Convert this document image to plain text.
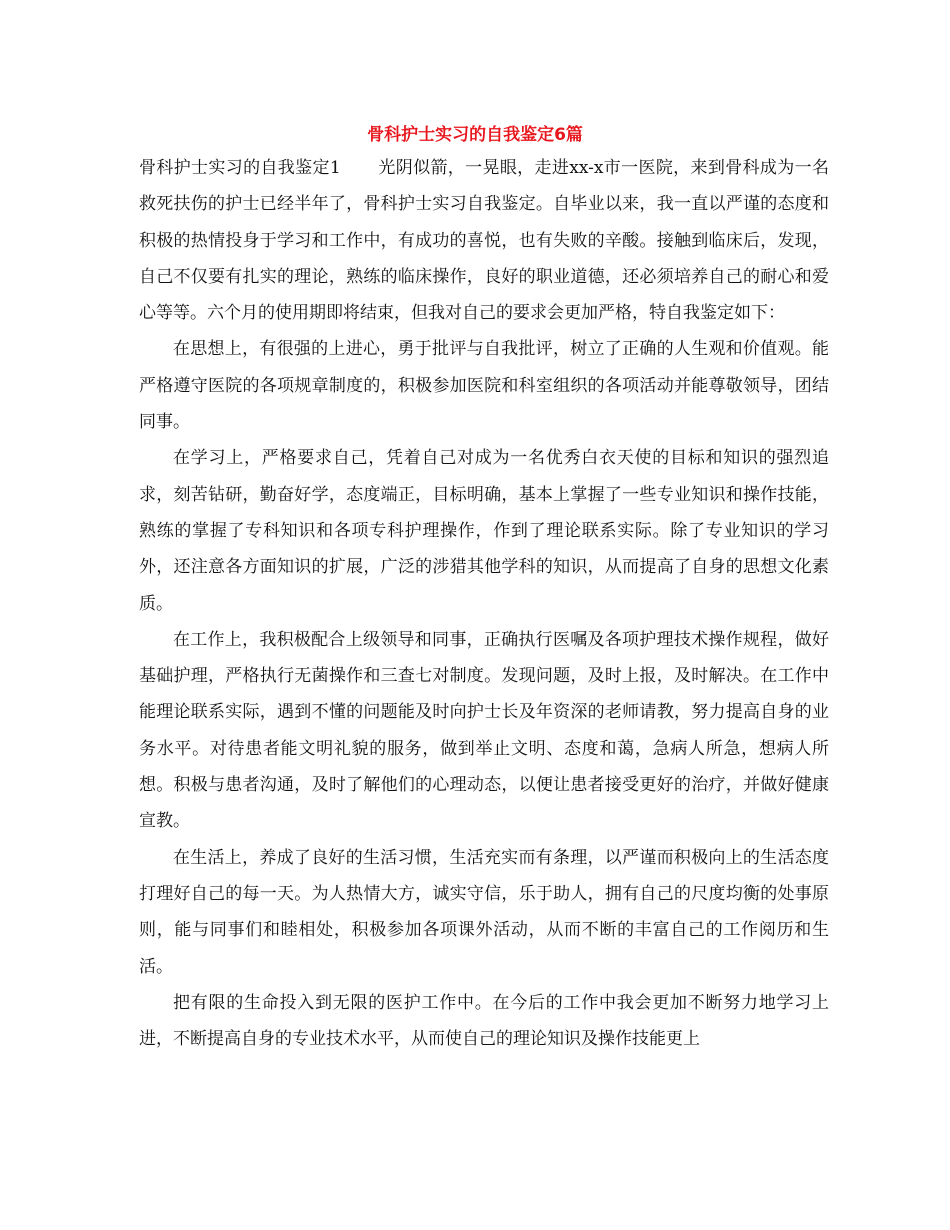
骨科护士实习的自我鉴定6篇

骨科护士实习的自我鉴定1 光阴似箭，一晃眼，走进xx-x市一医院，来到骨科成为一名救死扶伤的护士已经半年了，骨科护士实习自我鉴定。自毕业以来，我一直以严谨的态度和积极的热情投身于学习和工作中，有成功的喜悦，也有失败的辛酸。接触到临床后，发现，自己不仅要有扎实的理论，熟练的临床操作，良好的职业道德，还必须培养自己的耐心和爱心等等。六个月的使用期即将结束，但我对自己的要求会更加严格，特自我鉴定如下：

在思想上，有很强的上进心，勇于批评与自我批评，树立了正确的人生观和价值观。能严格遵守医院的各项规章制度的，积极参加医院和科室组织的各项活动并能尊敬领导，团结同事。

在学习上，严格要求自己，凭着自己对成为一名优秀白衣天使的目标和知识的强烈追求，刻苦钻研，勤奋好学，态度端正，目标明确，基本上掌握了一些专业知识和操作技能，熟练的掌握了专科知识和各项专科护理操作，作到了理论联系实际。除了专业知识的学习外，还注意各方面知识的扩展，广泛的涉猎其他学科的知识，从而提高了自身的思想文化素质。

在工作上，我积极配合上级领导和同事，正确执行医嘱及各项护理技术操作规程，做好基础护理，严格执行无菌操作和三查七对制度。发现问题，及时上报，及时解决。在工作中能理论联系实际，遇到不懂的问题能及时向护士长及年资深的老师请教，努力提高自身的业务水平。对待患者能文明礼貌的服务，做到举止文明、态度和蔼，急病人所急，想病人所想。积极与患者沟通，及时了解他们的心理动态，以便让患者接受更好的治疗，并做好健康宣教。

在生活上，养成了良好的生活习惯，生活充实而有条理，以严谨而积极向上的生活态度打理好自己的每一天。为人热情大方，诚实守信，乐于助人，拥有自己的尺度均衡的处事原则，能与同事们和睦相处，积极参加各项课外活动，从而不断的丰富自己的工作阅历和生活。

把有限的生命投入到无限的医护工作中。在今后的工作中我会更加不断努力地学习上进，不断提高自身的专业技术水平，从而使自己的理论知识及操作技能更上
